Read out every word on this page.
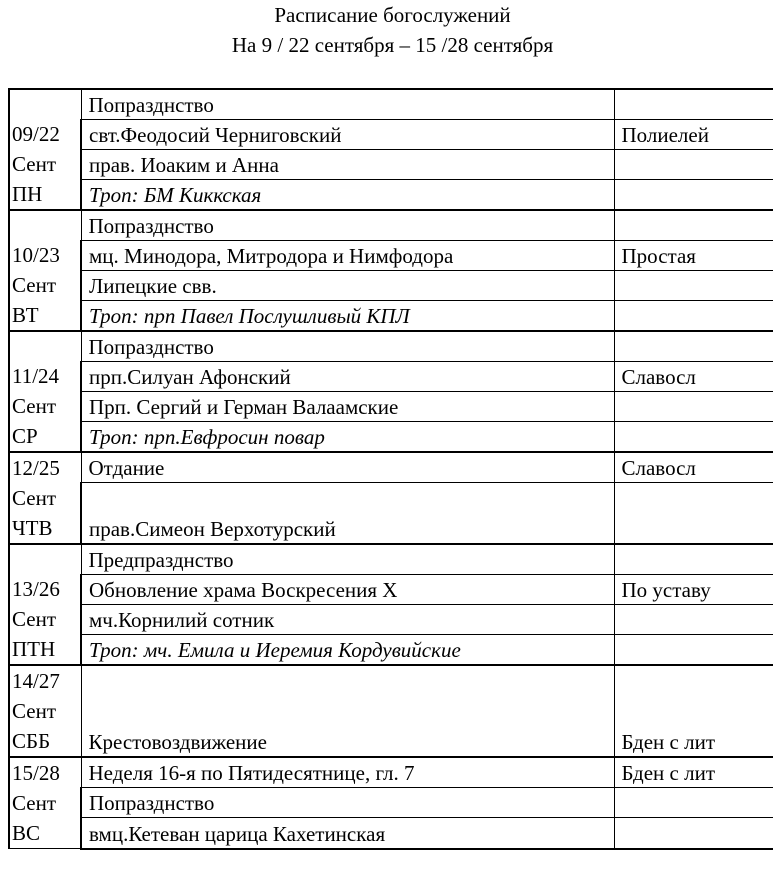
Расписание богослужений
На 9 / 22 сентября – 15 /28 сентября
09/22
Сент
ПН	Попразднство	
	свт.Феодосий Черниговский	Полиелей
	прав. Иоаким и Анна	
	Троп: БМ Kиккская	

10/23
Сент
ВТ	Попразднство	
	мц. Минодора, Митродора и Нимфодора	Простая
	Липецкие свв.	
	Троп: прп Павел Послушливый КПЛ	

11/24
Сент
СР	Попразднство	
	прп.Силуан Афонский	Славосл
	Прп. Сергий и Герман Валаамские	
	Троп: прп.Евфросин повар	

12/25
Сент
ЧТВ	Отдание	Славосл
	прав.Симеон Верхотурский	

13/26
Сент
ПТН	Предпразднство	
	Обновление храма Воскресения Х	По уставу
	мч.Корнилий сотник	
	Троп: мч. Емила и Иеремия Кордувийские	

14/27
Сент
СББ	Крестовоздвижение	Бден с лит

15/28
Сент
ВС	Неделя 16-я по Пятидесятнице, гл. 7	Бден с лит
	Попразднство	
	вмц.Кетеван царица Кахетинская	
